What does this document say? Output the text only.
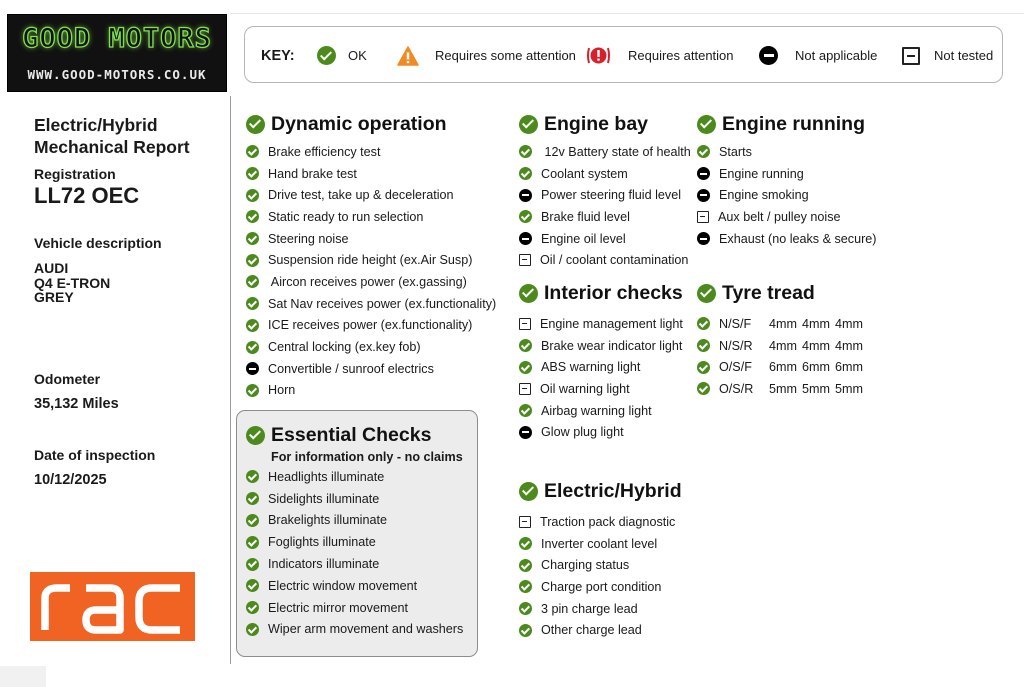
GOOD MOTORS
WWW.GOOD-MOTORS.CO.UK
Electric/Hybrid
Mechanical Report
Registration
LL72 OEC
Vehicle description
AUDI
Q4 E-TRON
GREY
Odometer
35,132 Miles
Date of inspection
10/12/2025
KEY:	OK	Requires some attention	Requires attention	Not applicable	Not tested
Dynamic operation
Brake efficiency test
Hand brake test
Drive test, take up & deceleration
Static ready to run selection
Steering noise
Suspension ride height (ex.Air Susp)
Aircon receives power (ex.gassing)
Sat Nav receives power (ex.functionality)
ICE receives power (ex.functionality)
Central locking (ex.key fob)
Convertible / sunroof electrics
Horn
Essential Checks
For information only - no claims
Headlights illuminate
Sidelights illuminate
Brakelights illuminate
Foglights illuminate
Indicators illuminate
Electric window movement
Electric mirror movement
Wiper arm movement and washers
Engine bay
12v Battery state of health
Coolant system
Power steering fluid level
Brake fluid level
Engine oil level
Oil / coolant contamination
Interior checks
Engine management light
Brake wear indicator light
ABS warning light
Oil warning light
Airbag warning light
Glow plug light
Electric/Hybrid
Traction pack diagnostic
Inverter coolant level
Charging status
Charge port condition
3 pin charge lead
Other charge lead
Engine running
Starts
Engine running
Engine smoking
Aux belt / pulley noise
Exhaust (no leaks & secure)
Tyre tread
N/S/F	4mm 4mm 4mm
N/S/R	4mm 4mm 4mm
O/S/F	6mm 6mm 6mm
O/S/R	5mm 5mm 5mm
